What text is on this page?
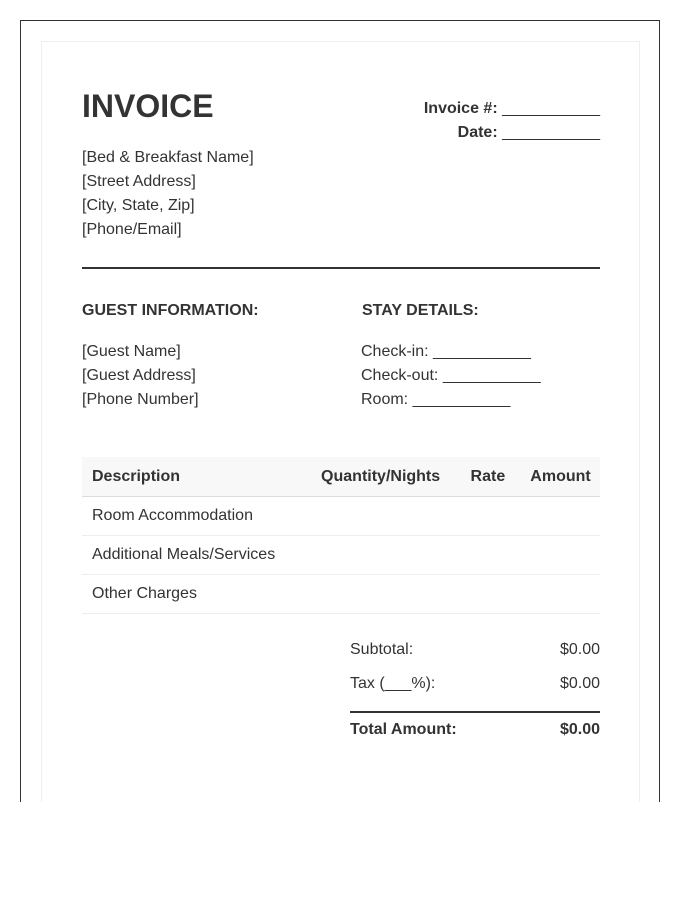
INVOICE	Invoice #: ___________
Date: ___________
[Bed & Breakfast Name]
[Street Address]
[City, State, Zip]
[Phone/Email]
GUEST INFORMATION:	STAY DETAILS:
[Guest Name]
[Guest Address]
[Phone Number]
Check-in: ___________
Check-out: ___________
Room: ___________
Description	Quantity/Nights	Rate	Amount
Room Accommodation			
Additional Meals/Services			
Other Charges			
Subtotal:	$0.00
Tax (___%):	$0.00
Total Amount:	$0.00
